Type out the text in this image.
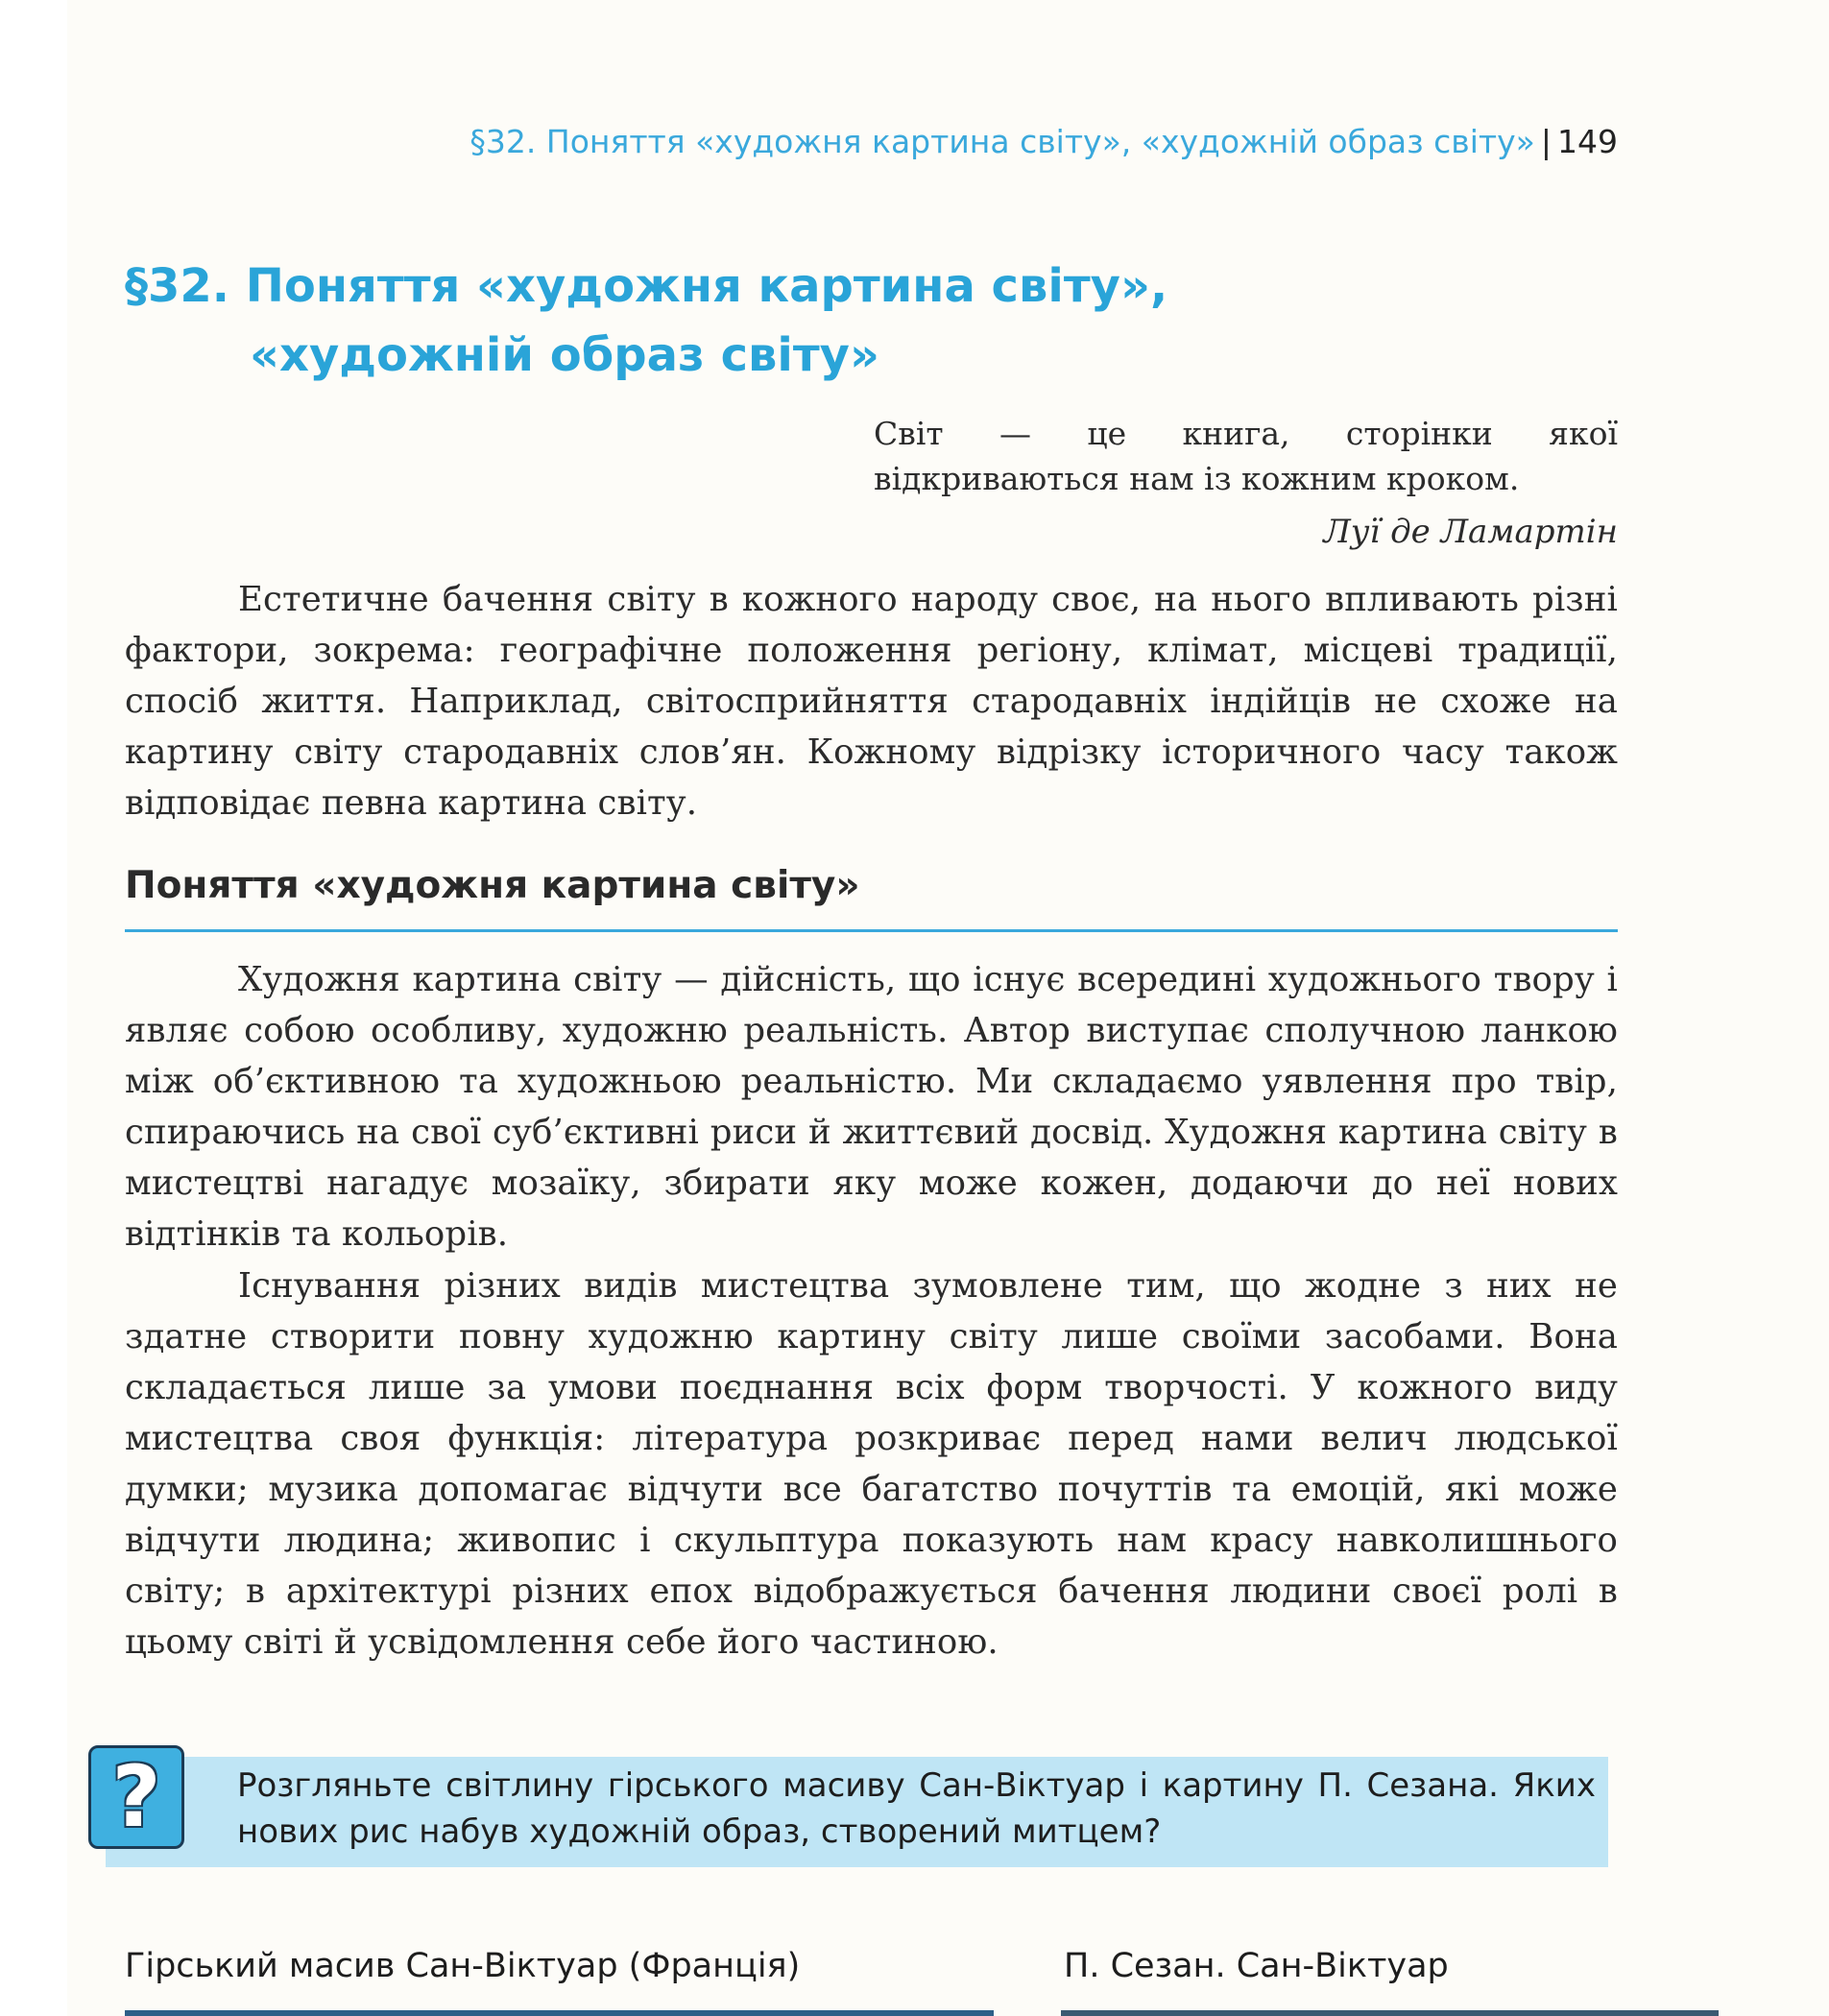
§32. Поняття «художня картина світу», «художній образ світу» | 149
§32. Поняття «художня картина світу»,
«художній образ світу»
Світ — це книга, сторінки якої відкриваються нам із кожним кроком.
Луї де Ламартін
Естетичне бачення світу в кожного народу своє, на нього впливають різні фактори, зокрема: географічне положення регіону, клімат, місцеві традиції, спосіб життя. Наприклад, світосприйняття стародавніх індійців не схоже на картину світу стародавніх слов’ян. Кожному відрізку історичного часу також відповідає певна картина світу.
Поняття «художня картина світу»
Художня картина світу — дійсність, що існує всередині художнього твору і являє собою особливу, художню реальність. Автор виступає сполучною ланкою між об’єктивною та художньою реальністю. Ми складаємо уявлення про твір, спираючись на свої суб’єктивні риси й життєвий досвід. Художня картина світу в мистецтві нагадує мозаїку, збирати яку може кожен, додаючи до неї нових відтінків та кольорів.
Існування різних видів мистецтва зумовлене тим, що жодне з них не здатне створити повну художню картину світу лише своїми засобами. Вона складається лише за умови поєднання всіх форм творчості. У кожного виду мистецтва своя функція: література розкриває перед нами велич людської думки; музика допомагає відчути все багатство почуттів та емоцій, які може відчути людина; живопис і скульптура показують нам красу навколишнього світу; в архітектурі різних епох відображується бачення людини своєї ролі в цьому світі й усвідомлення себе його частиною.
?	Розгляньте світлину гірського масиву Сан-Віктуар і картину П. Сезана. Яких нових рис набув художній образ, створений митцем?
Гірський масив Сан-Віктуар (Франція)	П. Сезан. Сан-Віктуар
